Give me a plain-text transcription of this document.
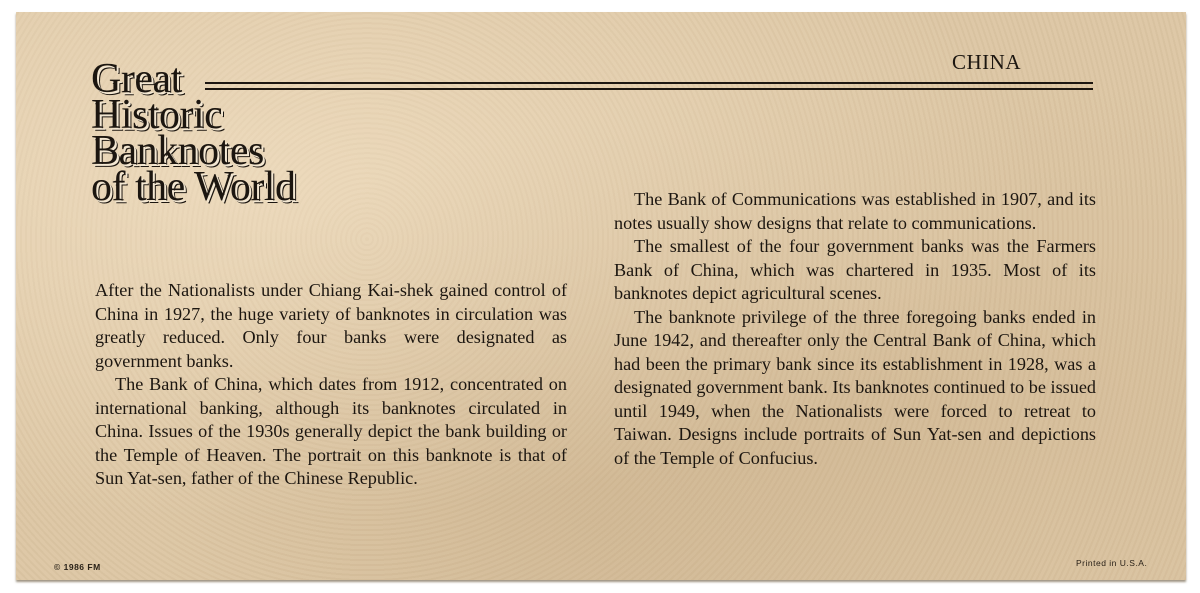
Great
Historic
Banknotes
of the World
CHINA

After the Nationalists under Chiang Kai-shek gained control of China in 1927, the huge variety of banknotes in circulation was greatly reduced. Only four banks were designated as government banks.

The Bank of China, which dates from 1912, concentrated on international banking, although its banknotes circulated in China. Issues of the 1930s generally depict the bank building or the Temple of Heaven. The portrait on this banknote is that of Sun Yat-sen, father of the Chinese Republic.

The Bank of Communications was established in 1907, and its notes usually show designs that relate to communications.

The smallest of the four government banks was the Farmers Bank of China, which was chartered in 1935. Most of its banknotes depict agricultural scenes.

The banknote privilege of the three foregoing banks ended in June 1942, and thereafter only the Central Bank of China, which had been the primary bank since its establishment in 1928, was a designated government bank. Its banknotes continued to be issued until 1949, when the Nationalists were forced to retreat to Taiwan. Designs include portraits of Sun Yat-sen and depictions of the Temple of Confucius.

© 1986 FM	Printed in U.S.A.
